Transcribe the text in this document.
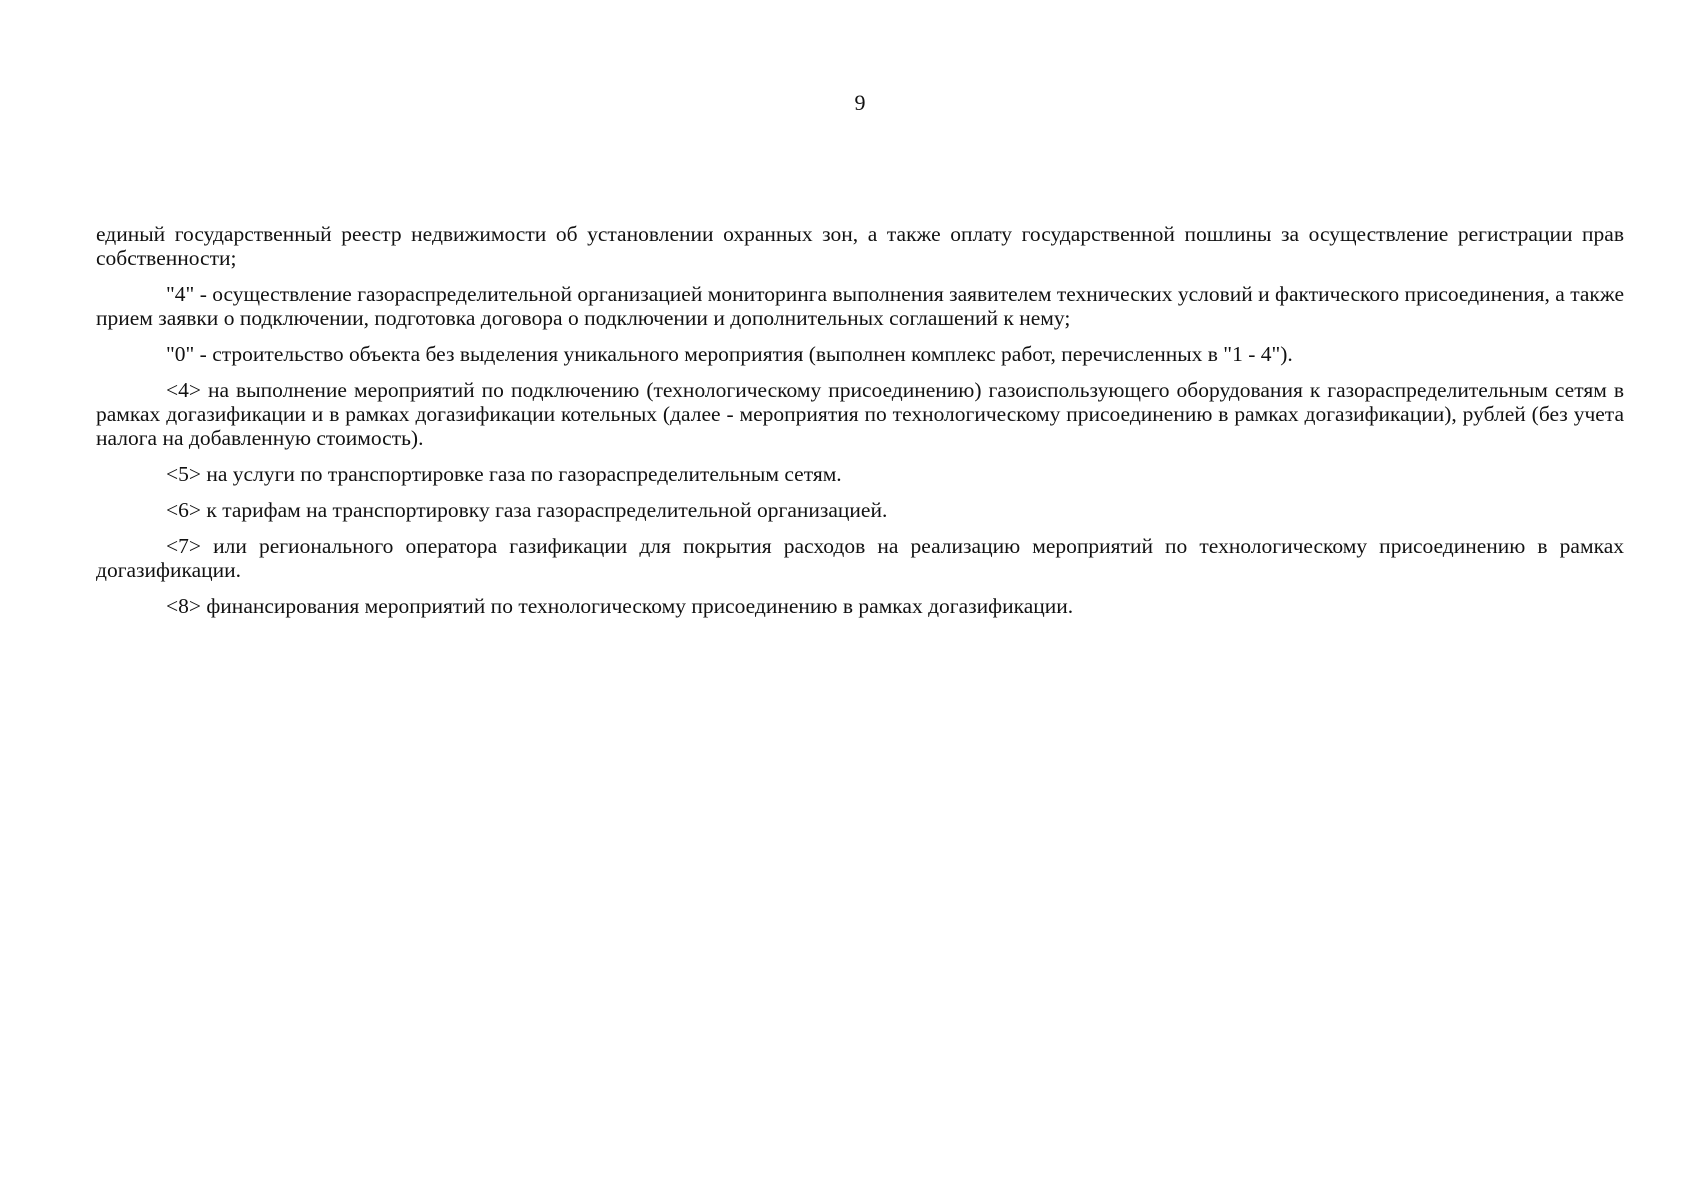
9

единый государственный реестр недвижимости об установлении охранных зон, а также оплату государственной пошлины за осуществление регистрации прав собственности;

"4" - осуществление газораспределительной организацией мониторинга выполнения заявителем технических условий и фактического присоединения, а также прием заявки о подключении, подготовка договора о подключении и дополнительных соглашений к нему;

"0" - строительство объекта без выделения уникального мероприятия (выполнен комплекс работ, перечисленных в "1 - 4").

<4> на выполнение мероприятий по подключению (технологическому присоединению) газоиспользующего оборудования к газораспределительным сетям в рамках догазификации и в рамках догазификации котельных (далее - мероприятия по технологическому присоединению в рамках догазификации), рублей (без учета налога на добавленную стоимость).

<5> на услуги по транспортировке газа по газораспределительным сетям.

<6> к тарифам на транспортировку газа газораспределительной организацией.

<7> или регионального оператора газификации для покрытия расходов на реализацию мероприятий по технологическому присоединению в рамках догазификации.

<8> финансирования мероприятий по технологическому присоединению в рамках догазификации.
